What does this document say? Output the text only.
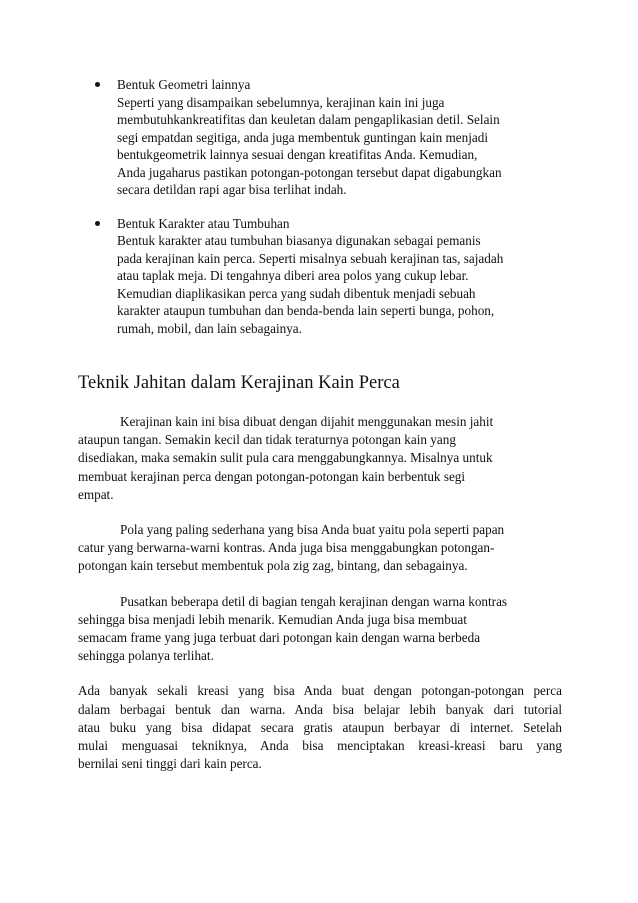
Bentuk Geometri lainnya
Seperti yang disampaikan sebelumnya, kerajinan kain ini juga
membutuhkankreatifitas dan keuletan dalam pengaplikasian detil. Selain
segi empatdan segitiga, anda juga membentuk guntingan kain menjadi
bentukgeometrik lainnya sesuai dengan kreatifitas Anda. Kemudian,
Anda jugaharus pastikan potongan-potongan tersebut dapat digabungkan
secara detildan rapi agar bisa terlihat indah.
Bentuk Karakter atau Tumbuhan
Bentuk karakter atau tumbuhan biasanya digunakan sebagai pemanis
pada kerajinan kain perca. Seperti misalnya sebuah kerajinan tas, sajadah
atau taplak meja. Di tengahnya diberi area polos yang cukup lebar.
Kemudian diaplikasikan perca yang sudah dibentuk menjadi sebuah
karakter ataupun tumbuhan dan benda-benda lain seperti bunga, pohon,
rumah, mobil, dan lain sebagainya.
Teknik Jahitan dalam Kerajinan Kain Perca
Kerajinan kain ini bisa dibuat dengan dijahit menggunakan mesin jahit
ataupun tangan. Semakin kecil dan tidak teraturnya potongan kain yang
disediakan, maka semakin sulit pula cara menggabungkannya. Misalnya untuk
membuat kerajinan perca dengan potongan-potongan kain berbentuk segi
empat.
Pola yang paling sederhana yang bisa Anda buat yaitu pola seperti papan
catur yang berwarna-warni kontras. Anda juga bisa menggabungkan potongan-
potongan kain tersebut membentuk pola zig zag, bintang, dan sebagainya.
Pusatkan beberapa detil di bagian tengah kerajinan dengan warna kontras
sehingga bisa menjadi lebih menarik. Kemudian Anda juga bisa membuat
semacam frame yang juga terbuat dari potongan kain dengan warna berbeda
sehingga polanya terlihat.
Ada banyak sekali kreasi yang bisa Anda buat dengan potongan-potongan perca
dalam berbagai bentuk dan warna. Anda bisa belajar lebih banyak dari tutorial
atau buku yang bisa didapat secara gratis ataupun berbayar di internet. Setelah
mulai menguasai tekniknya, Anda bisa menciptakan kreasi-kreasi baru yang
bernilai seni tinggi dari kain perca.
